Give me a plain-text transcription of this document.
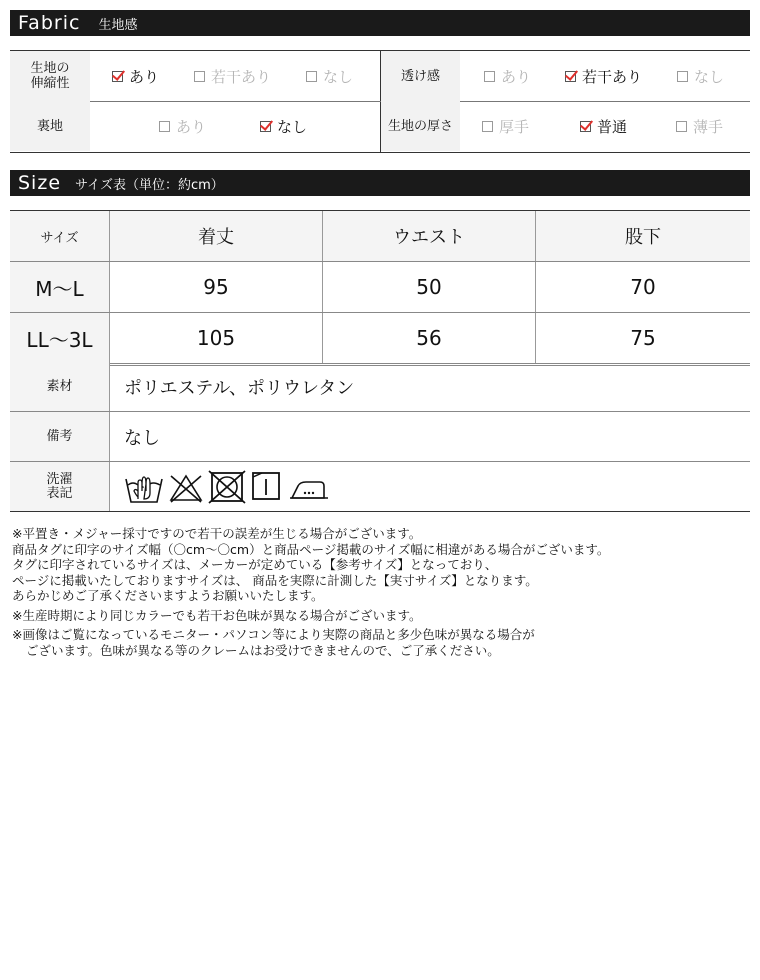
Fabric 生地感
生地の
伸縮性	あり	若干あり	なし	透け感	あり	若干あり	なし
裏地	あり	なし	生地の厚さ	厚手	普通	薄手
Size サイズ表（単位：約cm）
サイズ	着丈	ウエスト	股下
M〜L	95	50	70
LL〜3L	105	56	75
素材	ポリエステル、ポリウレタン
備考	なし
洗濯
表記

※平置き・メジャー採寸ですので若干の誤差が生じる場合がございます。

商品タグに印字のサイズ幅（〇cm〜〇cm）と商品ページ掲載のサイズ幅に相違がある場合がございます。

タグに印字されているサイズは、メーカーが定めている【参考サイズ】となっており、

ページに掲載いたしておりますサイズは、 商品を実際に計測した【実寸サイズ】となります。

あらかじめご了承くださいますようお願いいたします。

※生産時期により同じカラーでも若干お色味が異なる場合がございます。

※画像はご覧になっているモニター・パソコン等により実際の商品と多少色味が異なる場合が

ございます。色味が異なる等のクレームはお受けできませんので、ご了承ください。
